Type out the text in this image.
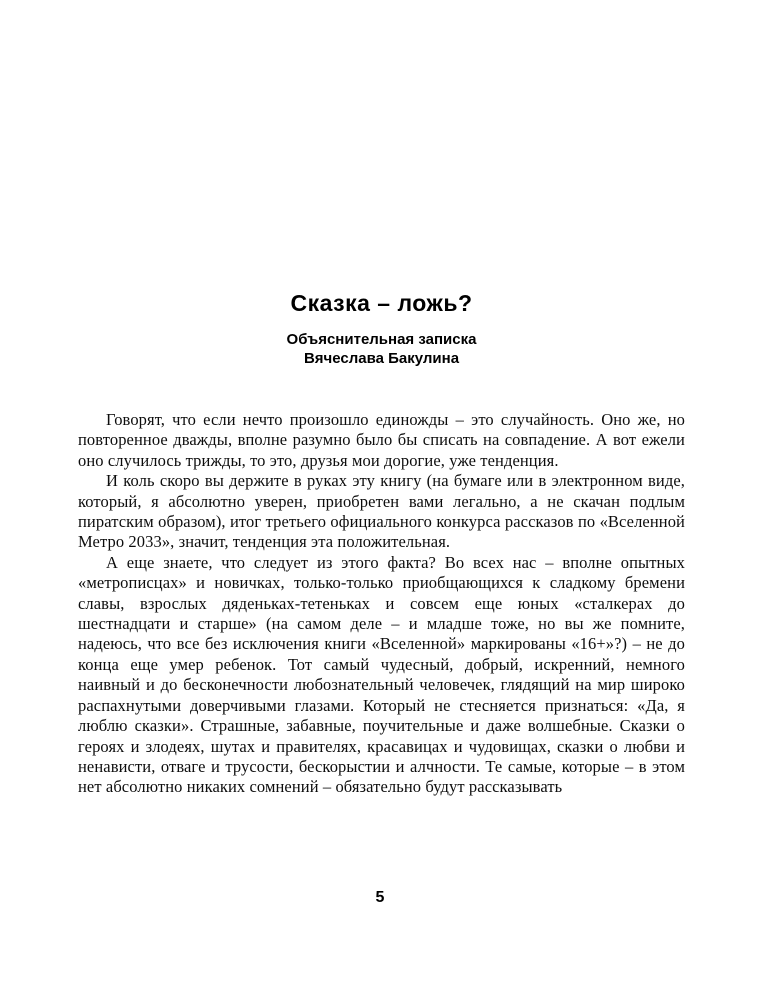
Сказка – ложь?
Объяснительная записка
Вячеслава Бакулина

Говорят, что если нечто произошло единожды – это случайность. Оно же, но повторенное дважды, вполне разумно было бы списать на совпадение. А вот ежели оно случилось трижды, то это, друзья мои дорогие, уже тенденция.

И коль скоро вы держите в руках эту книгу (на бумаге или в электронном виде, который, я абсолютно уверен, приобретен вами легально, а не скачан подлым пиратским образом), итог третьего официального конкурса рассказов по «Вселенной Метро 2033», значит, тенденция эта положительная.

А еще знаете, что следует из этого факта? Во всех нас – вполне опытных «метрописцах» и новичках, только-только приобщающихся к сладкому бремени славы, взрослых дяденьках-тетеньках и совсем еще юных «сталкерах до шестнадцати и старше» (на самом деле – и младше тоже, но вы же помните, надеюсь, что все без исключения книги «Вселенной» маркированы «16+»?) – не до конца еще умер ребенок. Тот самый чудесный, добрый, искренний, немного наивный и до бесконечности любознательный человечек, глядящий на мир широко распахнутыми доверчивыми глазами. Который не стесняется признаться: «Да, я люблю сказки». Страшные, забавные, поучительные и даже волшебные. Сказки о героях и злодеях, шутах и правителях, красавицах и чудовищах, сказки о любви и ненависти, отваге и трусости, бескорыстии и алчности. Те самые, которые – в этом нет абсолютно никаких сомнений – обязательно будут рассказывать

5
